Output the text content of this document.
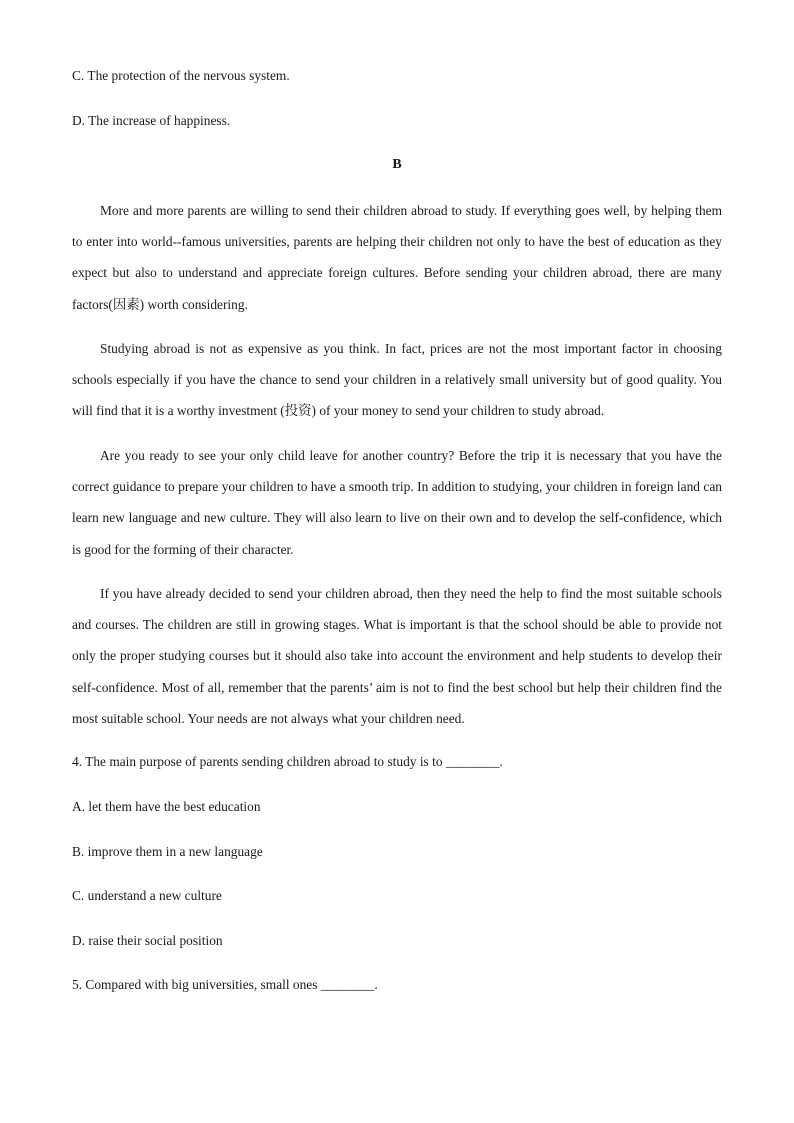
C. The protection of the nervous system.
D. The increase of happiness.
B

More and more parents are willing to send their children abroad to study. If everything goes well, by helping them to enter into world--famous universities, parents are helping their children not only to have the best of education as they expect but also to understand and appreciate foreign cultures. Before sending your children abroad, there are many factors(因素) worth considering.

Studying abroad is not as expensive as you think. In fact, prices are not the most important factor in choosing schools especially if you have the chance to send your children in a relatively small university but of good quality. You will find that it is a worthy investment (投资) of your money to send your children to study abroad.

Are you ready to see your only child leave for another country? Before the trip it is necessary that you have the correct guidance to prepare your children to have a smooth trip. In addition to studying, your children in foreign land can learn new language and new culture. They will also learn to live on their own and to develop the self-confidence, which is good for the forming of their character.

If you have already decided to send your children abroad, then they need the help to find the most suitable schools and courses. The children are still in growing stages. What is important is that the school should be able to provide not only the proper studying courses but it should also take into account the environment and help students to develop their self-confidence. Most of all, remember that the parents’ aim is not to find the best school but help their children find the most suitable school. Your needs are not always what your children need.

4. The main purpose of parents sending children abroad to study is to ________.
A. let them have the best education
B. improve them in a new language
C. understand a new culture
D. raise their social position
5. Compared with big universities, small ones ________.
